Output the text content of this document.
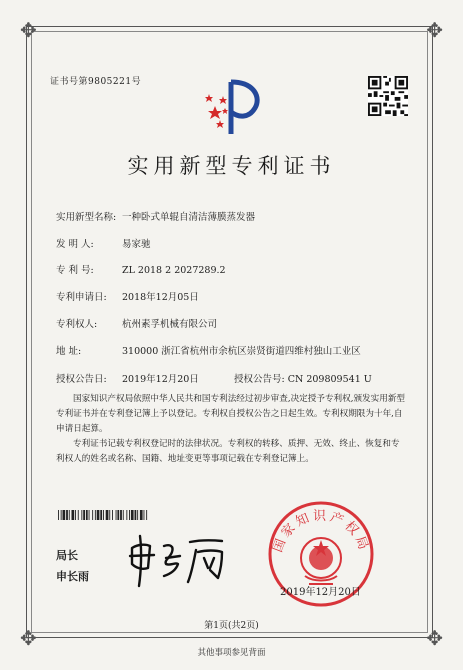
✥	✥
✥	✥
证书号第9805221号
实用新型专利证书
实用新型名称: 一种卧式单辊自清洁薄膜蒸发器
发 明 人:	易家驰
专 利 号:	ZL 2018 2 2027289.2
专利申请日: 2018年12月05日
专利权人:	杭州素孚机械有限公司
地 址:	310000 浙江省杭州市余杭区崇贤街道四维村独山工业区
授权公告日: 2019年12月20日	授权公告号: CN 209809541 U
国家知识产权局依照中华人民共和国专利法经过初步审查,决定授予专利权,颁发实用新型专利证书并在专利登记簿上予以登记。专利权自授权公告之日起生效。专利权期限为十年,自申请日起算。
专利证书记载专利权登记时的法律状况。专利权的转移、质押、无效、终止、恢复和专利权人的姓名或名称、国籍、地址变更等事项记载在专利登记簿上。
局长
申长雨
国家知识产权局
2019年12月20日
第1页(共2页)
其他事项参见背面
